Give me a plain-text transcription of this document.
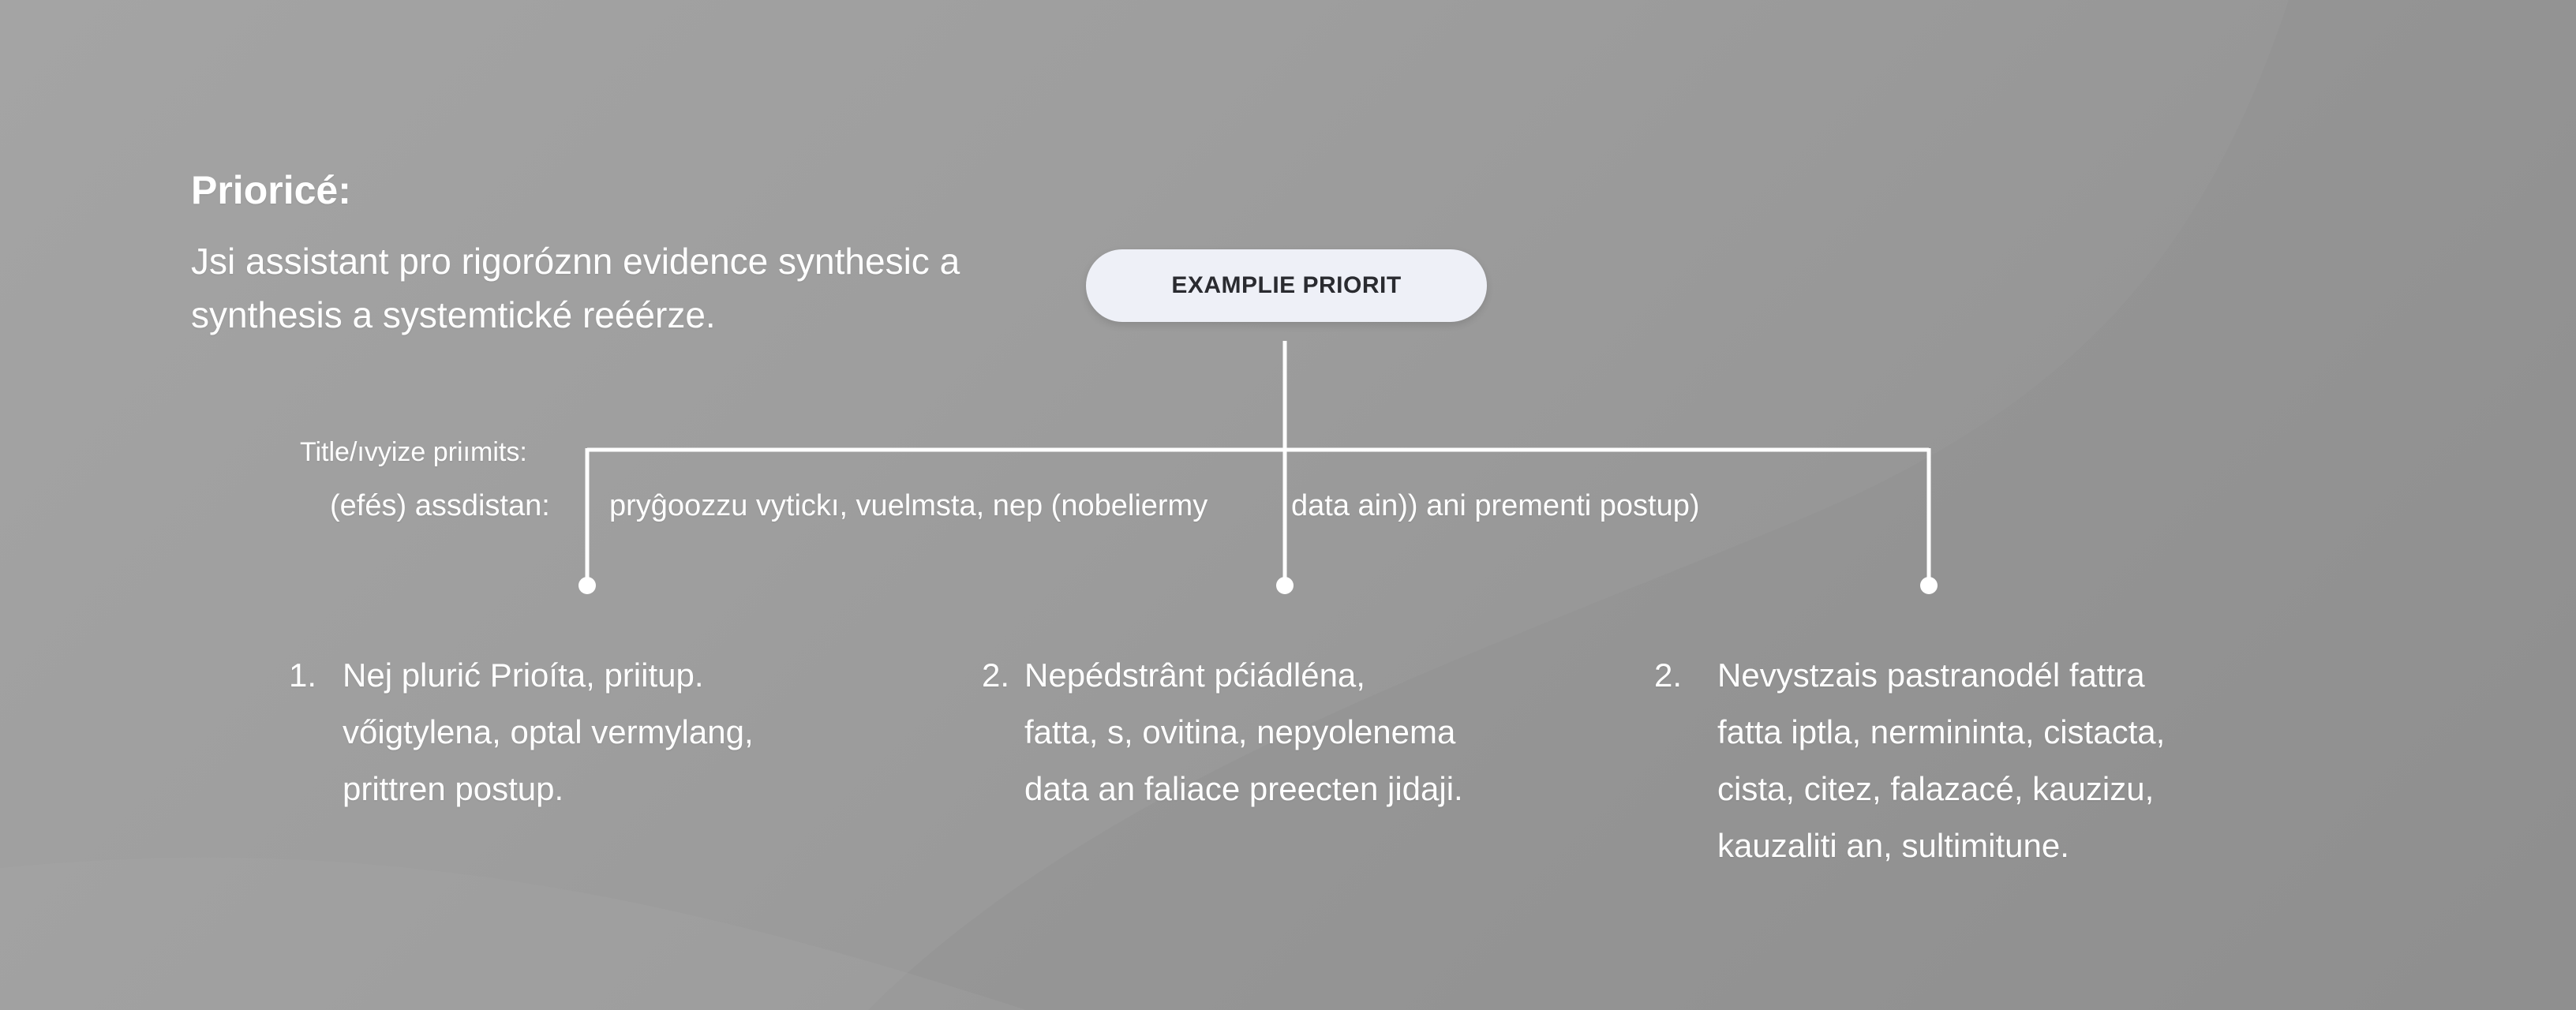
Prioricé:
Jsi assistant pro rigoróznn evidence synthesic a
synthesis a systemtické reéérze.
EXAMPLIE PRIORIT
Title/ıvyize priımits:
(efés) assdistan: pryĝoozzu vytickı, vuelmsta, nep (nobeliermy	data ain)) ani prementi postup)
1. Nej plurić Prioíta, priitup.
vőigtylena, optal vermylang,
prittren postup.
2. Nepédstrânt pćiádléna,
fatta, s, ovitina, nepyolenema
data an faliace preecten jidaji.
2. Nevystzais pastranodél fattra
fatta iptla, nermininta, cistacta,
cista, citez, falazacé, kauzizu,
kauzaliti an, sultimitune.
